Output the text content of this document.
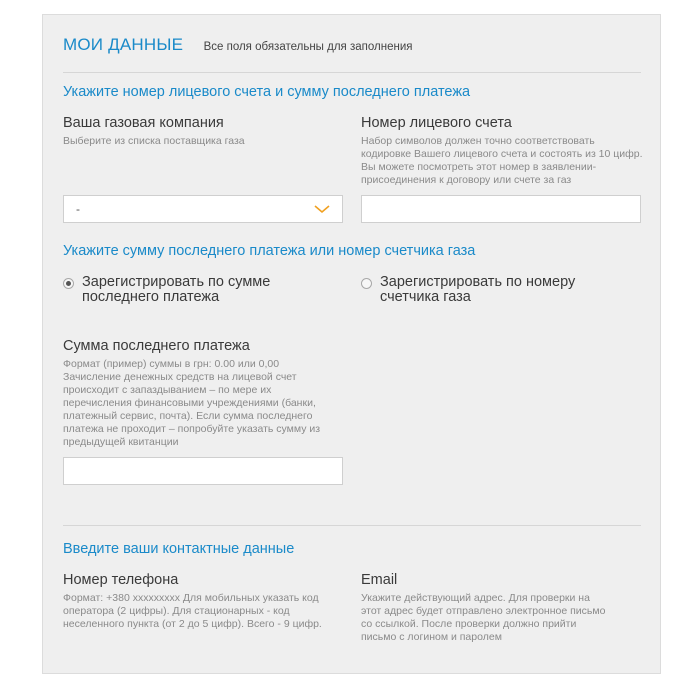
МОИ ДАННЫЕ Все поля обязательны для заполнения
Укажите номер лицевого счета и сумму последнего платежа
Ваша газовая компания
Выберите из списка поставщика газа
-
Номер лицевого счета
Набор символов должен точно соответствовать кодировке Вашего лицевого счета и состоять из 10 цифр. Вы можете посмотреть этот номер в заявлении-присоединения к договору или счете за газ
Укажите сумму последнего платежа или номер счетчика газа
Зарегистрировать по сумме последнего платежа
Зарегистрировать по номеру счетчика газа
Сумма последнего платежа
Формат (пример) суммы в грн: 0.00 или 0,00 Зачисление денежных средств на лицевой счет происходит с запаздыванием – по мере их перечисления финансовыми учреждениями (банки, платежный сервис, почта). Если сумма последнего платежа не проходит – попробуйте указать сумму из предыдущей квитанции
Введите ваши контактные данные
Номер телефона
Формат: +380 xxxxxxxxx Для мобильных указать код оператора (2 цифры). Для стационарных - код неселенного пункта (от 2 до 5 цифр). Всего - 9 цифр.
Email
Укажите действующий адрес. Для проверки на этот адрес будет отправлено электронное письмо со ссылкой. После проверки должно прийти письмо с логином и паролем
